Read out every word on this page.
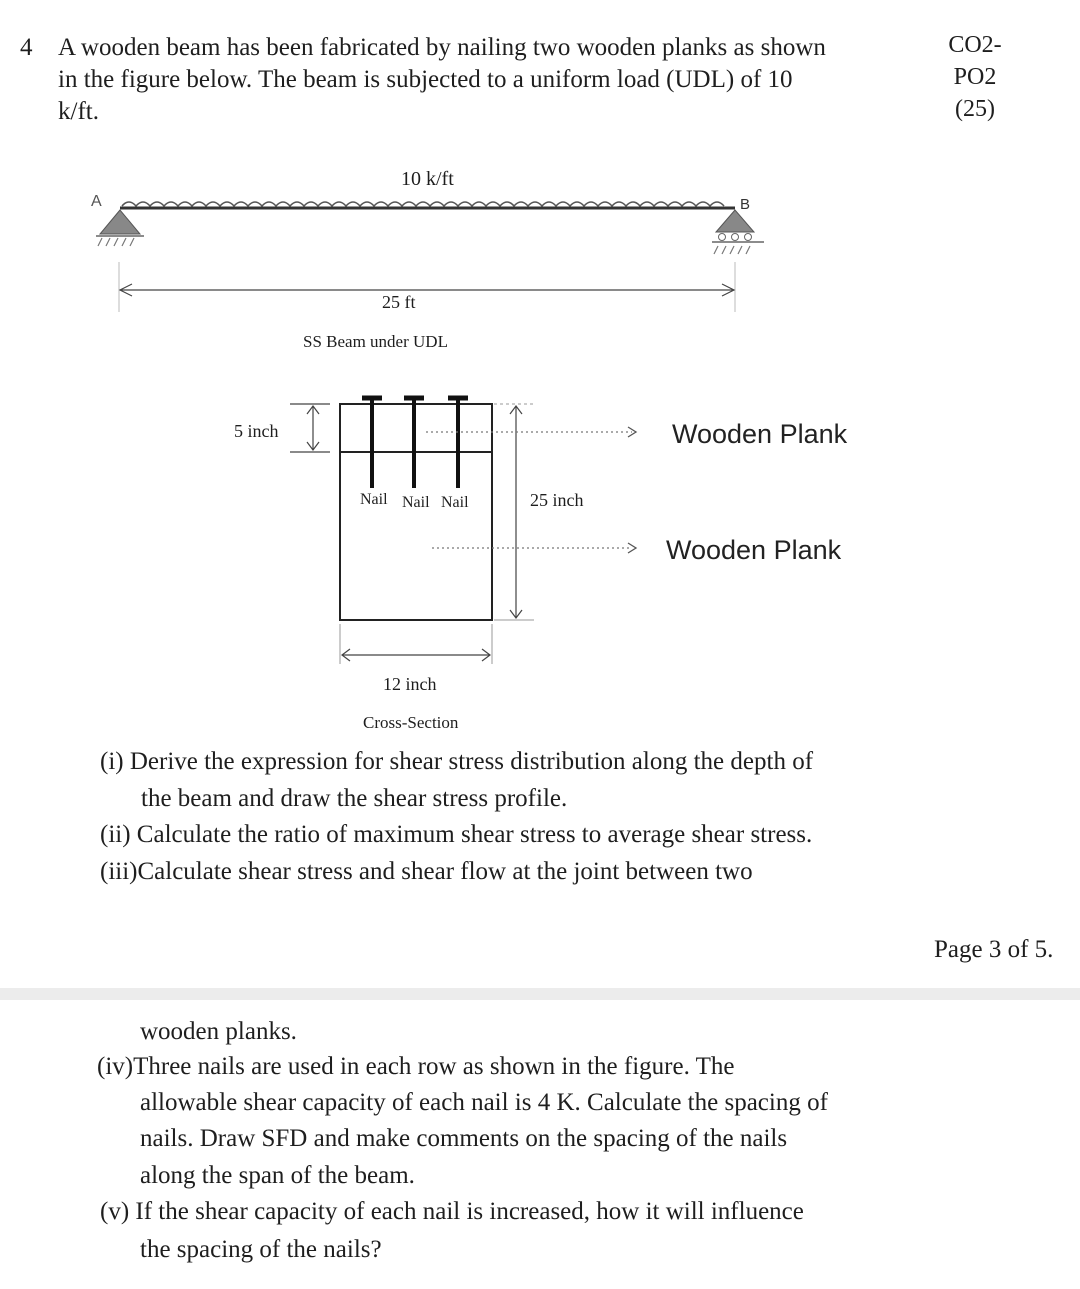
4 A wooden beam has been fabricated by nailing two wooden planks as shown
in the figure below. The beam is subjected to a uniform load (UDL) of 10
k/ft.
CO2-
PO2
(25)
10 k/ft
A	B
25 ft
SS Beam under UDL
5 inch
25 inch
12 inch
Nail Nail Nail
Wooden Plank
Wooden Plank
Cross-Section
(i) Derive the expression for shear stress distribution along the depth of
the beam and draw the shear stress profile.
(ii) Calculate the ratio of maximum shear stress to average shear stress.
(iii)Calculate shear stress and shear flow at the joint between two
Page 3 of 5.
wooden planks.
(iv)Three nails are used in each row as shown in the figure. The
allowable shear capacity of each nail is 4 K. Calculate the spacing of
nails. Draw SFD and make comments on the spacing of the nails
along the span of the beam.
(v) If the shear capacity of each nail is increased, how it will influence
the spacing of the nails?
